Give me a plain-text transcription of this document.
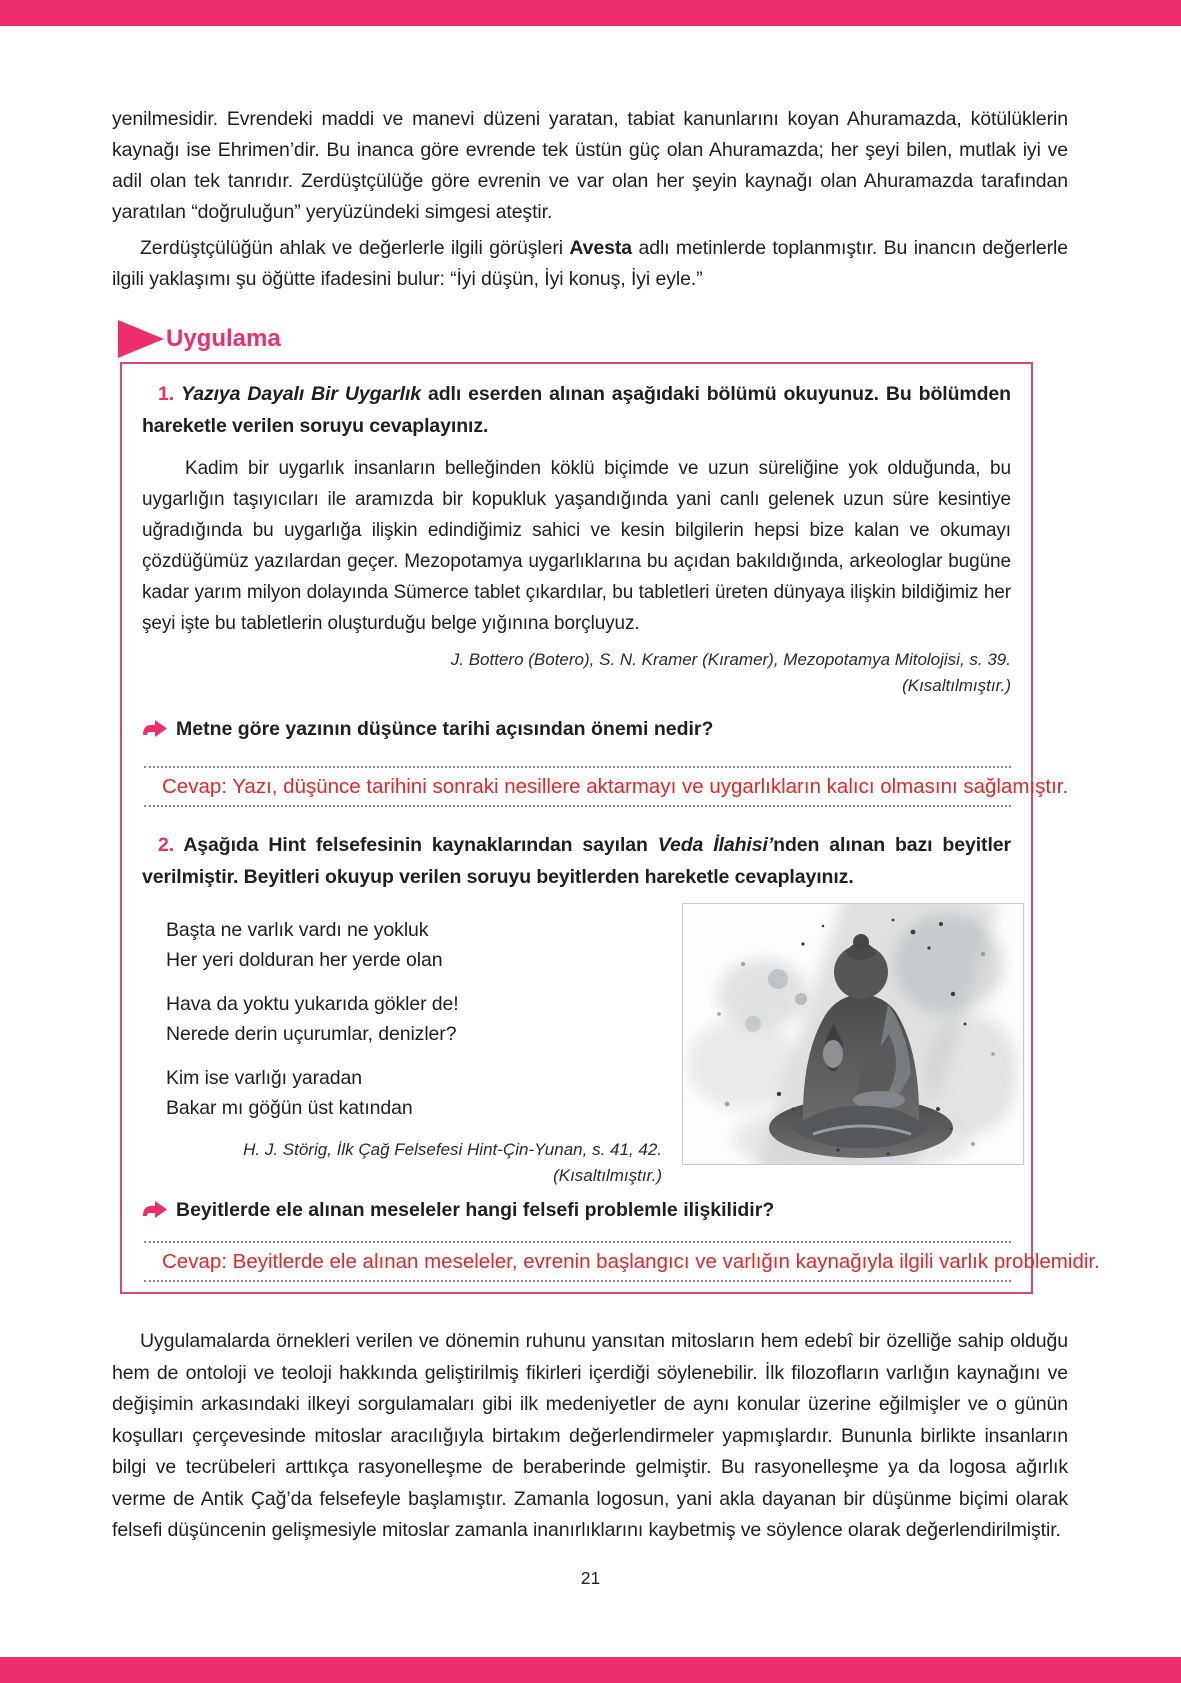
yenilmesidir. Evrendeki maddi ve manevi düzeni yaratan, tabiat kanunlarını koyan Ahuramazda, kötülüklerin kaynağı ise Ehrimen’dir. Bu inanca göre evrende tek üstün güç olan Ahuramazda; her şeyi bilen, mutlak iyi ve adil olan tek tanrıdır. Zerdüştçülüğe göre evrenin ve var olan her şeyin kaynağı olan Ahuramazda tarafından yaratılan “doğruluğun” yeryüzündeki simgesi ateştir.

Zerdüştçülüğün ahlak ve değerlerle ilgili görüşleri Avesta adlı metinlerde toplanmıştır. Bu inancın değerlerle ilgili yaklaşımı şu öğütte ifadesini bulur: “İyi düşün, İyi konuş, İyi eyle.”

Uygulama

1. Yazıya Dayalı Bir Uygarlık adlı eserden alınan aşağıdaki bölümü okuyunuz. Bu bölümden hareketle verilen soruyu cevaplayınız.

Kadim bir uygarlık insanların belleğinden köklü biçimde ve uzun süreliğine yok olduğunda, bu uygarlığın taşıyıcıları ile aramızda bir kopukluk yaşandığında yani canlı gelenek uzun süre kesintiye uğradığında bu uygarlığa ilişkin edindiğimiz sahici ve kesin bilgilerin hepsi bize kalan ve okumayı çözdüğümüz yazılardan geçer. Mezopotamya uygarlıklarına bu açıdan bakıldığında, arkeologlar bugüne kadar yarım milyon dolayında Sümerce tablet çıkardılar, bu tabletleri üreten dünyaya ilişkin bildiğimiz her şeyi işte bu tabletlerin oluşturduğu belge yığınına borçluyuz.

J. Bottero (Botero), S. N. Kramer (Kıramer), Mezopotamya Mitolojisi, s. 39.
(Kısaltılmıştır.)
Metne göre yazının düşünce tarihi açısından önemi nedir?
Cevap: Yazı, düşünce tarihini sonraki nesillere aktarmayı ve uygarlıkların kalıcı olmasını sağlamıştır.

2. Aşağıda Hint felsefesinin kaynaklarından sayılan Veda İlahisi’nden alınan bazı beyitler verilmiştir. Beyitleri okuyup verilen soruyu beyitlerden hareketle cevaplayınız.

Başta ne varlık vardı ne yokluk
Her yeri dolduran her yerde olan
Hava da yoktu yukarıda gökler de!
Nerede derin uçurumlar, denizler?
Kim ise varlığı yaradan
Bakar mı göğün üst katından
H. J. Störig, İlk Çağ Felsefesi Hint-Çin-Yunan, s. 41, 42.
(Kısaltılmıştır.)
Beyitlerde ele alınan meseleler hangi felsefi problemle ilişkilidir?
Cevap: Beyitlerde ele alınan meseleler, evrenin başlangıcı ve varlığın kaynağıyla ilgili varlık problemidir.

Uygulamalarda örnekleri verilen ve dönemin ruhunu yansıtan mitosların hem edebî bir özelliğe sahip olduğu hem de ontoloji ve teoloji hakkında geliştirilmiş fikirleri içerdiği söylenebilir. İlk filozofların varlığın kaynağını ve değişimin arkasındaki ilkeyi sorgulamaları gibi ilk medeniyetler de aynı konular üzerine eğilmişler ve o günün koşulları çerçevesinde mitoslar aracılığıyla birtakım değerlendirmeler yapmışlardır. Bununla birlikte insanların bilgi ve tecrübeleri arttıkça rasyonelleşme de beraberinde gelmiştir. Bu rasyonelleşme ya da logosa ağırlık verme de Antik Çağ’da felsefeyle başlamıştır. Zamanla logosun, yani akla dayanan bir düşünme biçimi olarak felsefi düşüncenin gelişmesiyle mitoslar zamanla inanırlıklarını kaybetmiş ve söylence olarak değerlendirilmiştir.

21
